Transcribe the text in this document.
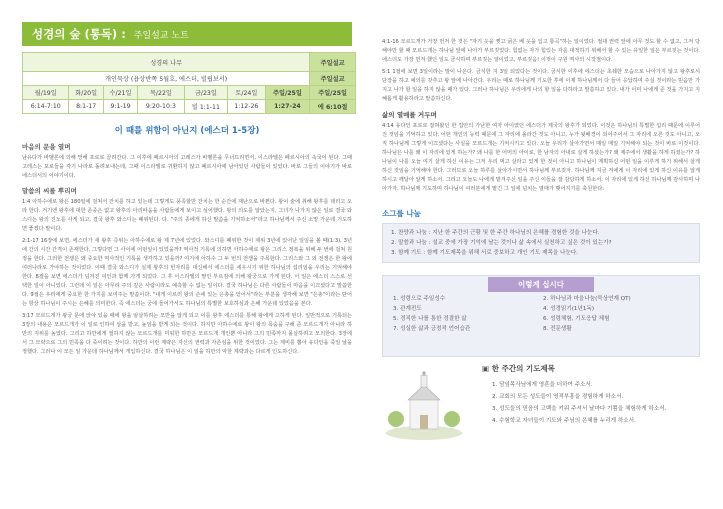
성경의 숲 (통독) : 주일설교 노트
성경의 나무							주일설교
개인묵상 (욥상반쪽 5월호, 에스더, 빌립보서)							주일설교
월/19일	화/20일	수/21일	목/22일	금/23일	토/24일	주일/25일	주일/25일
6:14-7:10	8:1-17	9:1-19	9:20-10:3	빌 1:1-11	1:12-26	1:27-24	에 6:10절
이 때를 위함이 아닌지 (에스더 1-5장)
마음의 문을 열며

남유다가 바벨론에 의해 망해 포로로 끌려간다. 그 이후에 페르시아의 고레스가 바벨론을 무너뜨리면서, 이스라엘은 페르시아의 속국이 된다. 그때 고레스는 포로들을 각기 나라로 돌려보내는데, 그때 이스라엘로 귀환하지 않고 페르시아에 남아있던 사람들이 있었다. 바로 그들의 이야기가 바로 에스더서의 이야기이다.

말씀의 씨를 뿌리며

1:4 아하수에로 왕은 180일에 걸쳐서 잔치를 하고 있는데 그렇게도 풍족할만 잔치는 한 순간에 재난으로 바뀐다. 왕이 술에 취해 왕후를 데리고 오라 한다. 거기엔 왕후에 대한 존중은 없고 왕후의 아리따움을 사람들에게 보이고 싶어했다. 왕의 의도를 알았는지, 그녀가 나가지 않은 일로 결국 와스디는 왕의 진노를 사게 되고, 결국 왕후 와스디는 폐위된다. 다. "주의 종에게 하신 말씀을 기억하소서"라고 하나님께서 주신 소망 가운데 기도하면 좋겠다 말이다.

2:1-17 16장에 보면, 에스더가 새 왕후 즉위는 아하수에로 왕 제 7년에 있었다. 와스디를 폐위한 것이 제위 3년에 있어난 일임을 볼 때(1:3), 3년에 간의 시간 간격이 존재한다. 그렇다면 그 사이에 어떤일이 있었을까? 역사적 기록에 의하면 아하수에로 왕은 그리스 정복을 위해 두 번에 걸쳐 원정을 한다. 그러한 전쟁은 왜 중요한 역사적인 기록을 생각하고 있을까? 여기에 아하수 그 두 번의 전쟁을 주목한다. 그리스와 그 외 전쟁은 한 왕에 여러나라로 가야하는 것이었다. 이때 결국 와스디가 실제 왕후의 빈자리를 대신해서 에스더를 세우시기 위한 하나님의 섭리임을 우리는 기억해야 한다. 8절을 보면 에스더가 넘겨진 여인과 함께 가게 되었다. 그 후 이스라엘의 딸인 부르짐에 의해 왕궁으로 가게 된다. 이 일은 에스더 스스로 선택한 일이 아니었다. 그런데 이 일은 아무리 주의 깊은 사람이라도 예측할 수 없는 일이다. 결국 하나님은 다른 사람들이 마음을 이끄셨다고 말씀한다. 9절은 우리에게 중요한 한 가지를 보여주는 말씀이다. "내게 이르러 왕의 손에 있는 은총을 얻어서"라는 부분을 생각해 보면 "은총"이라는 단어는 항상 하나님이 주시는 은혜를 의미한다. 즉 에스더는 궁에 들어가서도 하나님의 특별한 보호하심과 은혜 가운데 있었음을 본다.

3:17 모르드개가 왕궁 문에 앉아 있을 때에 왕을 암살하려는 모반을 알게 되고 이를 왕후 에스더를 통해 왕에게 고하게 된다. 일반적으로 기록되는 3장의 내용은 모르드개가 이 일로 인하여 상을 받고, 높임을 받게 되는 것이다. 하지만 아하수에로 왕이 왕의 목숨을 구해 준 모르드개가 아니라 하만의 지위를 높였다. 그리고 하만에게 절하지 않는 모르드개를 미워한 하만은 모르드개 개인뿐 아니라 그의 민족까지 몰살하려고 모의한다. 3장에서 그 모략으로 그의 민족을 다 죽이려는 것이다. 하만의 이런 계략은 자신의 권력과 자존심을 위한 것이었다. 그는 제비를 뽑아 유다인을 죽일 날을 정했다. 그러나 이 모든 일 가운데 하나님께서 개입하신다. 결국 하나님은 이 일을 하만의 악한 계략과는 다르게 인도하신다.

4:1-16 모르드개가 가장 먼저 한 것은 "자기 옷을 찢고 굵은 베 옷을 입고 통곡"하는 일이었다. 절대 권력 앞에 아무 것도 할 수 없고, 그저 당해야만 할 때 모르드개는 하나님 앞에 나아가 부르짖었다. 힘없는 자가 힘있는 자를 대적하기 위해서 할 수 있는 유일한 일은 부르짖는 것이다. 에스더도 가장 먼저 했던 일도 금식하며 부르짖는 일이었고, 부르짖음! 이것이 구원 역사의 시작점이다.
5:1 1절에 보면 3일이라는 말이 나온다. 금식한 지 3일 되었다는 것이다. 금식한 이후에 에스더는 초췌한 모습으로 나아가지 않고 왕후로서 단장을 하고 예의를 갖추고 왕 앞에 나아간다. 우리는 때로 하나님께 기도한 후에 이제 하나님께서 다 들어 응답하여 주실 것이라는 믿음만 가지고 나가 할 일을 하지 않을 때가 있다. 그러나 하나님은 우리에게 나의 할 일을 다하라고 말씀하고 있다. 내가 이미 나에게 준 것을 가지고 지혜롭게 활용하라고 말씀하신다.
삶의 열매를 거두며
4:14 유다인 포로로 잡혀왔던 한 집안의 가난한 여자 아이였던 에스더가 제국의 왕후가 되었다. 이것은 하나님의 특별한 섭리 때문에 이루어진 것임을 기억하고 있다. 어떤 개인의 능력 때문에 그 자리에 올라간 것도 아니고, 누가 뒷배경이 되어주어서 그 자리에 오른 것도 아니고, 오직 하나님께 그렇게 이끄셨다는 사실을 모르드개는 기억시키고 있다. 오늘 우리가 살아가면서 매일 매일 기억해야 되는 것이 바로 이것이다. 하나님은 나를 왜 이 자리에 있게 하는가? 왜 나를 한 어머의 아이로, 한 남자의 아내로 살게 하셨는가? 왜 제주에서 생활을 하게 하셨는가? 하나님이 나를 오늘 여기 살게 하신 이유는 그저 우리 먹고 살라고 있게 한 것이 아니고 하나님이 계획하신 어떤 일을 이루게 하기 위해서 살게 하신 것임을 기억해야 한다. 그러므로 오늘 하루를 살아가시면서 하나님께 부르짖자. 하나님께 지금 저에게 이 자리에 있게 하신 이유를 알게 하시고 깨달아 알게 하소서. 그리고 오늘도 나에게 맡겨주신 일을 주신 이들을 잘 감당하게 하소서. 이 자리에 있게 하신 하나님께 감사하며 나아가자. 하나님께 기도하며 하나님이 여러분에게 맡긴 그 일에 넘치는 열매가 맺어지기를 축원한다.
소그룹 나눔
1. 찬양과 나눔 : 지난 한 주간의 근황 및 한 주간 하나님의 은혜를 경험한 것을 나눈다.
2. 말씀과 나눔 : 설교 중에 가장 기억에 남는 것이나 삶 속에서 실천하고 싶은 것이 있는가?
3. 함께 기도 : 함께 기도제목을 위해 서로 중보하고 개인 기도 제목을 나눈다.
이렇게 십시다
1. 성령으로 주일성수	2. 하나님과 마을나눔(묵상연재 QT)
3. 관계전도	4. 성경읽기(1년1독)
5. 정직한 나를 통한 정결한 삶	6. 성령체험, 기도응답 체험
7. 성실한 삶과 긍정적 언어습관	8. 전문생활
▣ 한 주간의 기도제목
1. 담임목사님에게 영혼을 더하여 주소서.
2. 교회의 모든 성도들이 영적부흥을 경험하게 하소서.
3. 성도들의 믿음의 고백을 키워 주셔서 날마다 기쁨을 체험하게 하소서.
4. 수험학교 자녀들이 기도와 주님의 은혜를 누리게 하소서.
